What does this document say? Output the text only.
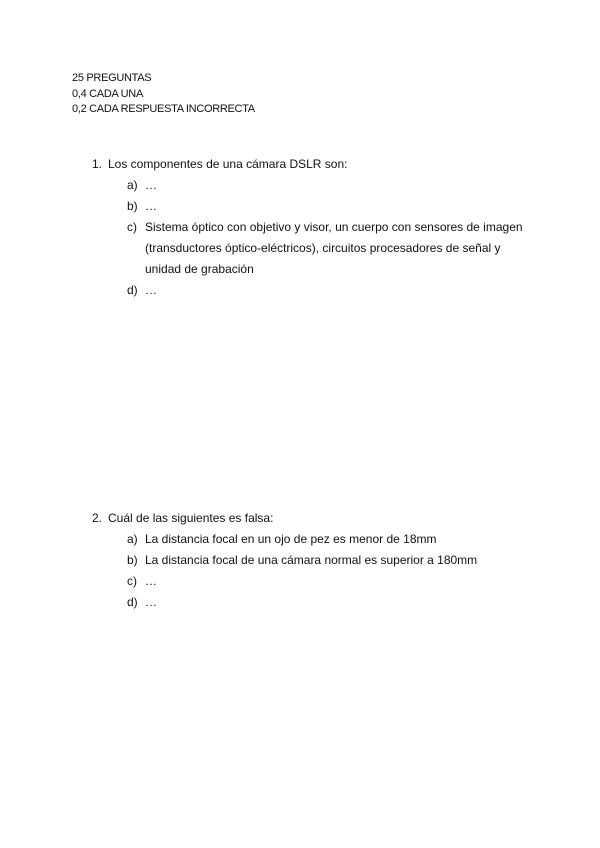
25 PREGUNTAS
0,4 CADA UNA
0,2 CADA RESPUESTA INCORRECTA
1. Los componentes de una cámara DSLR son:
a) …
b) …
c) Sistema óptico con objetivo y visor, un cuerpo con sensores de imagen (transductores óptico-eléctricos), circuitos procesadores de señal y unidad de grabación
d) …
2. Cuál de las siguientes es falsa:
a) La distancia focal en un ojo de pez es menor de 18mm
b) La distancia focal de una cámara normal es superior a 180mm
c) …
d) …
